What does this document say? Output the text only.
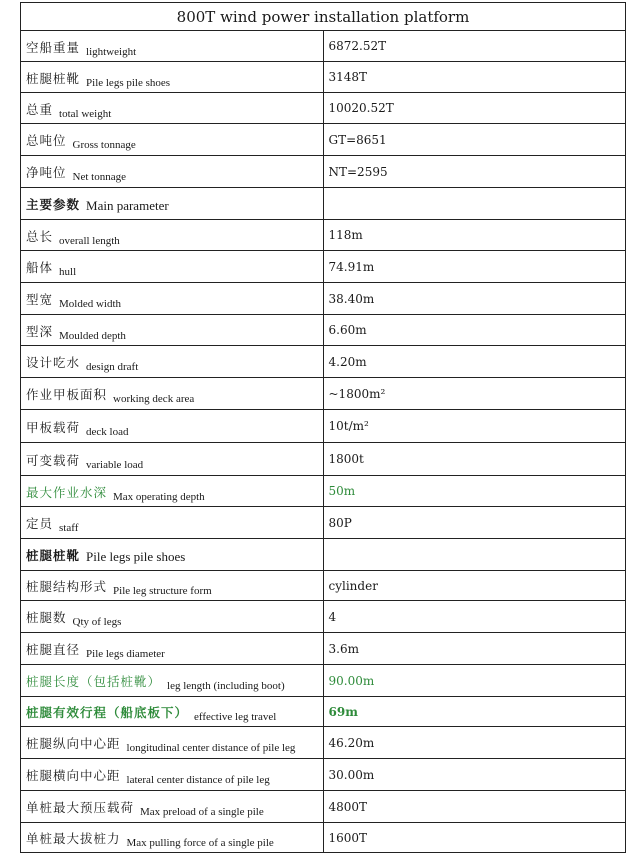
800T wind power installation platform	
空船重量 lightweight	6872.52T
桩腿桩靴 Pile legs pile shoes	3148T
总重 total weight	10020.52T
总吨位 Gross tonnage	GT=8651
净吨位 Net tonnage	NT=2595
主要参数 Main parameter	
总长 overall length	118m
船体 hull	74.91m
型宽 Molded width	38.40m
型深 Moulded depth	6.60m
设计吃水 design draft	4.20m
作业甲板面积 working deck area	~1800m²
甲板载荷 deck load	10t/m²
可变载荷 variable load	1800t
最大作业水深 Max operating depth	50m
定员 staff	80P
桩腿桩靴 Pile legs pile shoes	
桩腿结构形式 Pile leg structure form	cylinder
桩腿数 Qty of legs	4
桩腿直径 Pile legs diameter	3.6m
桩腿长度（包括桩靴） leg length (including boot)	90.00m
桩腿有效行程（船底板下） effective leg travel	69m
桩腿纵向中心距 longitudinal center distance of pile leg	46.20m
桩腿横向中心距 lateral center distance of pile leg	30.00m
单桩最大预压载荷 Max preload of a single pile	4800T
单桩最大拔桩力 Max pulling force of a single pile	1600T
